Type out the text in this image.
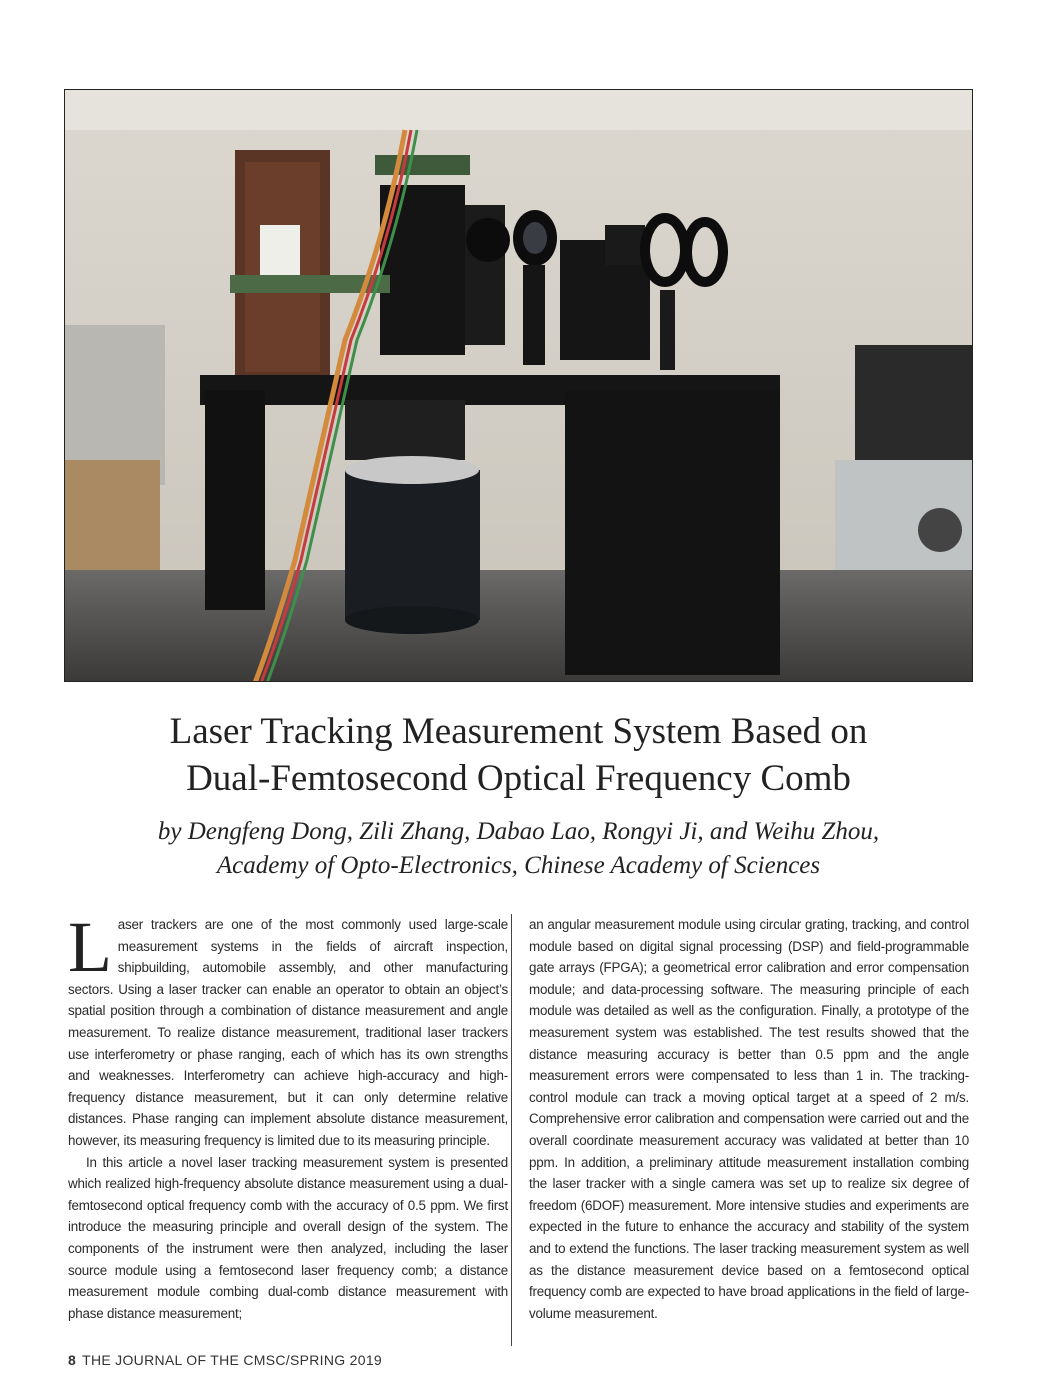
Laser Tracking Measurement System Based on
Dual-Femtosecond Optical Frequency Comb
by Dengfeng Dong, Zili Zhang, Dabao Lao, Rongyi Ji, and Weihu Zhou,
Academy of Opto-Electronics, Chinese Academy of Sciences

Laser trackers are one of the most commonly used large-scale measurement systems in the fields of aircraft inspection, shipbuilding, automobile assembly, and other manufacturing sectors. Using a laser tracker can enable an operator to obtain an object’s spatial position through a combination of distance measurement and angle measurement. To realize distance measurement, traditional laser trackers use interferometry or phase ranging, each of which has its own strengths and weaknesses. Interferometry can achieve high-accuracy and high-frequency distance measurement, but it can only determine relative distances. Phase ranging can implement absolute distance measurement, however, its measuring frequency is limited due to its measuring principle.

In this article a novel laser tracking measurement system is presented which realized high-frequency absolute distance measurement using a dual-femtosecond optical frequency comb with the accuracy of 0.5 ppm. We first introduce the measuring principle and overall design of the system. The components of the instrument were then analyzed, including the laser source module using a femtosecond laser frequency comb; a distance measurement module combing dual-comb distance measurement with phase distance measurement;

an angular measurement module using circular grating, tracking, and control module based on digital signal processing (DSP) and field-programmable gate arrays (FPGA); a geometrical error calibration and error compensation module; and data-processing software. The measuring principle of each module was detailed as well as the configuration. Finally, a prototype of the measurement system was established. The test results showed that the distance measuring accuracy is better than 0.5 ppm and the angle measurement errors were compensated to less than 1 in. The tracking-control module can track a moving optical target at a speed of 2 m/s. Comprehensive error calibration and compensation were carried out and the overall coordinate measurement accuracy was validated at better than 10 ppm. In addition, a preliminary attitude measurement installation combing the laser tracker with a single camera was set up to realize six degree of freedom (6DOF) measurement. More intensive studies and experiments are expected in the future to enhance the accuracy and stability of the system and to extend the functions. The laser tracking measurement system as well as the distance measurement device based on a femtosecond optical frequency comb are expected to have broad applications in the field of large-volume measurement.

8 THE JOURNAL OF THE CMSC/SPRING 2019
